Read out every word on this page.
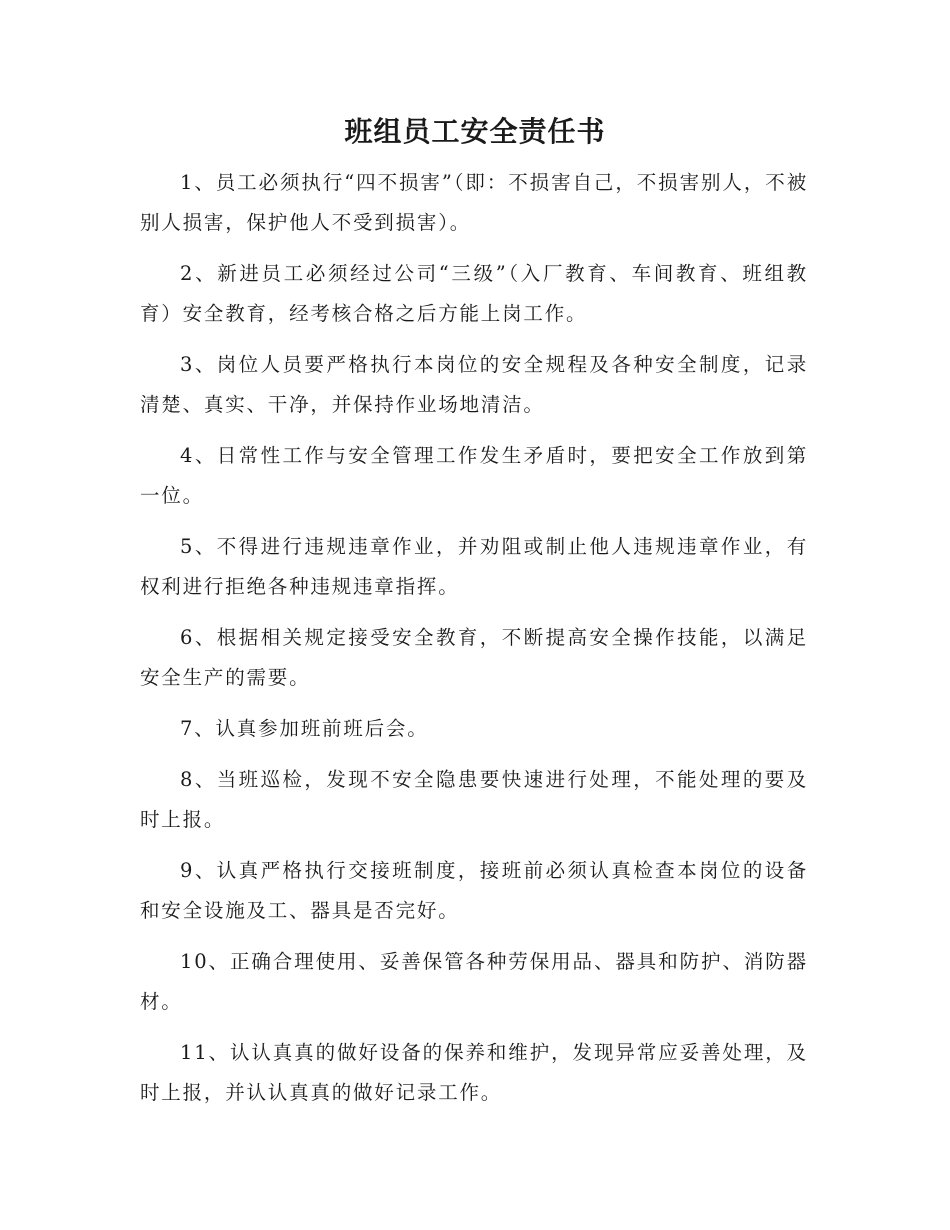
班组员工安全责任书
1、员工必须执行“四不损害”（即：不损害自己，不损害别人，不被别人损害，保护他人不受到损害）。
2、新进员工必须经过公司“三级”（入厂教育、车间教育、班组教育）安全教育，经考核合格之后方能上岗工作。
3、岗位人员要严格执行本岗位的安全规程及各种安全制度，记录清楚、真实、干净，并保持作业场地清洁。
4、日常性工作与安全管理工作发生矛盾时，要把安全工作放到第一位。
5、不得进行违规违章作业，并劝阻或制止他人违规违章作业，有权利进行拒绝各种违规违章指挥。
6、根据相关规定接受安全教育，不断提高安全操作技能，以满足安全生产的需要。
7、认真参加班前班后会。
8、当班巡检，发现不安全隐患要快速进行处理，不能处理的要及时上报。
9、认真严格执行交接班制度，接班前必须认真检查本岗位的设备和安全设施及工、器具是否完好。
10、正确合理使用、妥善保管各种劳保用品、器具和防护、消防器材。
11、认认真真的做好设备的保养和维护，发现异常应妥善处理，及时上报，并认认真真的做好记录工作。
